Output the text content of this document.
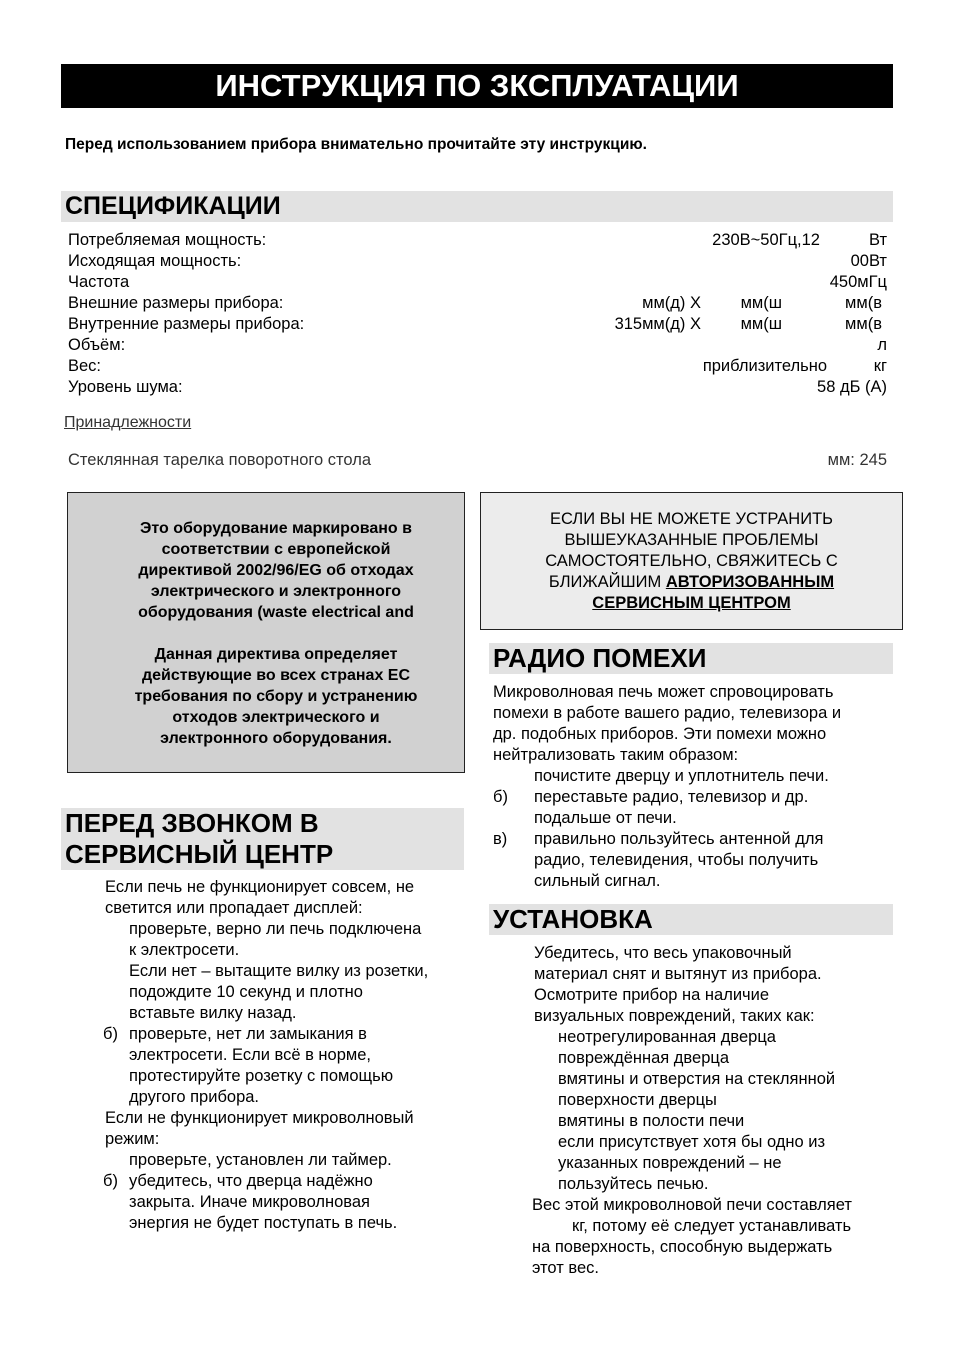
ИНСТРУКЦИЯ ПО ЗКСПЛУАТАЦИИ
Перед использованием прибора внимательно прочитайте эту инструкцию.
СПЕЦИФИКАЦИИ
Потребляемая мощность:	230В~50Гц,12	Вт
Исходящая мощность:	00Вт
Частота	450мГц
Внешние размеры прибора:	мм(д) Х мм(ш	мм(в
Внутренние размеры прибора:	315мм(д) Х мм(ш	мм(в
Объём:	л
Вес:	приблизительно	кг
Уровень шума:	58 дБ (А)
Принадлежности
Стеклянная тарелка поворотного стола	мм: 245

Это оборудование маркировано в
соответствии с европейской
директивой 2002/96/EG об отходах
электрического и электронного
оборудования (waste electrical and

Данная директива определяет
действующие во всех странах ЕС
требования по сбору и устранению
отходов электрического и
электронного оборудования.

ЕСЛИ ВЫ НЕ МОЖЕТЕ УСТРАНИТЬ
ВЫШЕУКАЗАННЫЕ ПРОБЛЕМЫ
САМОСТОЯТЕЛЬНО, СВЯЖИТЕСЬ С
БЛИЖАЙШИМ АВТОРИЗОВАННЫМ
СЕРВИСНЫМ ЦЕНТРОМ
ПЕРЕД ЗВОНКОМ В
СЕРВИСНЫЙ ЦЕНТР
Если печь не функционирует совсем, не
светится или пропадает дисплей:
проверьте, верно ли печь подключена
к электросети.
Если нет – вытащите вилку из розетки,
подождите 10 секунд и плотно
вставьте вилку назад.
проверьте, нет ли замыкания в
б)
электросети. Если всё в норме,
протестируйте розетку с помощью
другого прибора.
Если не функционирует микроволновый
режим:
проверьте, установлен ли таймер.
убедитесь, что дверца надёжно
б)
закрыта. Иначе микроволновая
энергия не будет поступать в печь.
РАДИО ПОМЕХИ
Микроволновая печь может спровоцировать
помехи в работе вашего радио, телевизора и
др. подобных приборов. Эти помехи можно
нейтрализовать таким образом:
почистите дверцу и уплотнитель печи.
переставьте радио, телевизор и др.
б)
подальше от печи.
правильно пользуйтесь антенной для
в)
радио, телевидения, чтобы получить
сильный сигнал.
УСТАНОВКА
Убедитесь, что весь упаковочный
материал снят и вытянут из прибора.
Осмотрите прибор на наличие
визуальных повреждений, таких как:
неотрегулированная дверца
повреждённая дверца
вмятины и отверстия на стеклянной
поверхности дверцы
вмятины в полости печи
если присутствует хотя бы одно из
указанных повреждений – не
пользуйтесь печью.
Вес этой микроволновой печи составляет
кг, потому её следует устанавливать
на поверхность, способную выдержать
этот вес.
